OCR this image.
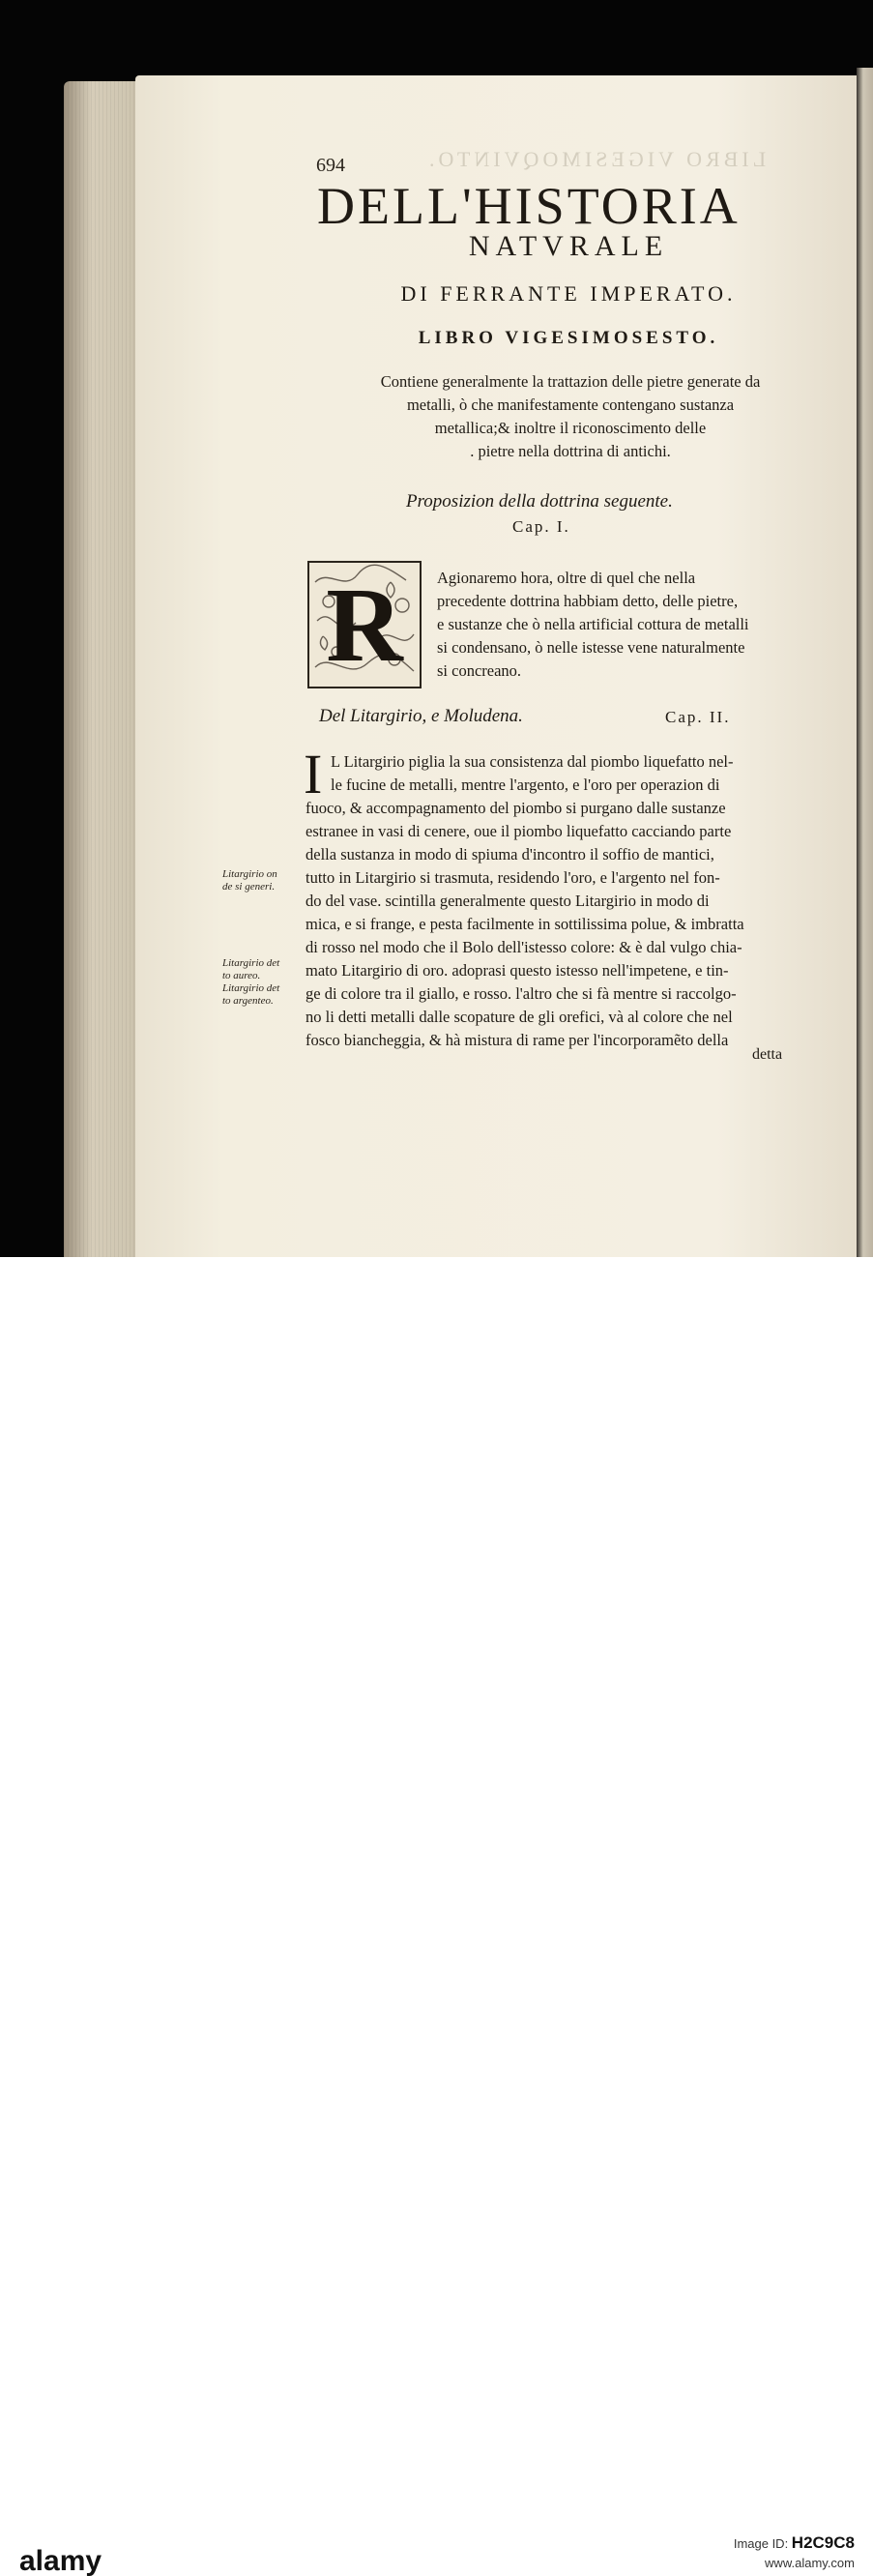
LIBRO VIGESIMOQVINTO.
694
DELL'HISTORIA
NATVRALE
DI FERRANTE IMPERATO.
LIBRO VIGESIMOSESTO.
Contiene generalmente la trattazion delle pietre generate da
metalli, ò che manifestamente contengano sustanza
metallica;& inoltre il riconoscimento delle
. pietre nella dottrina di antichi.
Proposizion della dottrina seguente.
Cap. I.
R	Agionaremo hora, oltre di quel che nella
precedente dottrina habbiam detto, delle pietre,
e sustanze che ò nella artificial cottura de metalli
si condensano, ò nelle istesse vene naturalmente
si concreano.
Del Litargirio, e Moludena.	Cap. II.
I L Litargirio piglia la sua consistenza dal piombo liquefatto nel-
le fucine de metalli, mentre l'argento, e l'oro per operazion di
fuoco, & accompagnamento del piombo si purgano dalle sustanze
estranee in vasi di cenere, oue il piombo liquefatto cacciando parte
della sustanza in modo di spiuma d'incontro il soffio de mantici,
tutto in Litargirio si trasmuta, residendo l'oro, e l'argento nel fon-
do del vase. scintilla generalmente questo Litargirio in modo di
mica, e si frange, e pesta facilmente in sottilissima polue, & imbratta
di rosso nel modo che il Bolo dell'istesso colore: & è dal vulgo chia-
mato Litargirio di oro. adoprasi questo istesso nell'impetene, e tin-
ge di colore tra il giallo, e rosso. l'altro che si fà mentre si raccolgo-
no li detti metalli dalle scopature de gli orefici, và al colore che nel
fosco biancheggia, & hà mistura di rame per l'incorporamẽto della
Litargirio on
de si generi.
Litargirio det
to aureo.
Litargirio det
to argenteo.
detta
alamy
Image ID: H2C9C8
www.alamy.com
